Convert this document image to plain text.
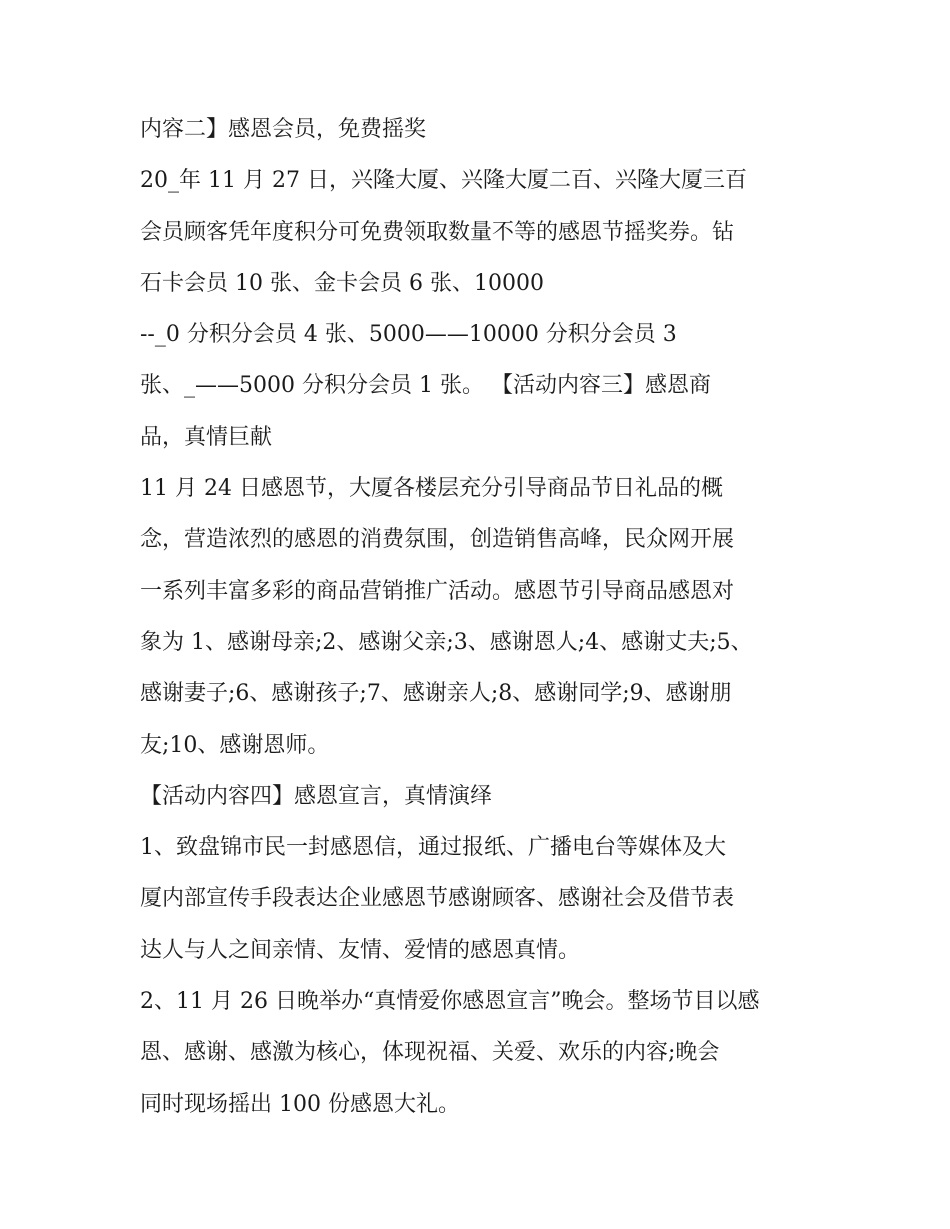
内容二】感恩会员，免费摇奖
20_年 11 月 27 日，兴隆大厦、兴隆大厦二百、兴隆大厦三百
会员顾客凭年度积分可免费领取数量不等的感恩节摇奖券。钻
石卡会员 10 张、金卡会员 6 张、10000
--_0 分积分会员 4 张、5000——10000 分积分会员 3
张、_——5000 分积分会员 1 张。 【活动内容三】感恩商
品，真情巨献
11 月 24 日感恩节，大厦各楼层充分引导商品节日礼品的概
念，营造浓烈的感恩的消费氛围，创造销售高峰，民众网开展
一系列丰富多彩的商品营销推广活动。感恩节引导商品感恩对
象为 1、感谢母亲;2、感谢父亲;3、感谢恩人;4、感谢丈夫;5、
感谢妻子;6、感谢孩子;7、感谢亲人;8、感谢同学;9、感谢朋
友;10、感谢恩师。
【活动内容四】感恩宣言，真情演绎
1、致盘锦市民一封感恩信，通过报纸、广播电台等媒体及大
厦内部宣传手段表达企业感恩节感谢顾客、感谢社会及借节表
达人与人之间亲情、友情、爱情的感恩真情。
2、11 月 26 日晚举办“真情爱你感恩宣言”晚会。整场节目以感
恩、感谢、感激为核心，体现祝福、关爱、欢乐的内容;晚会
同时现场摇出 100 份感恩大礼。
